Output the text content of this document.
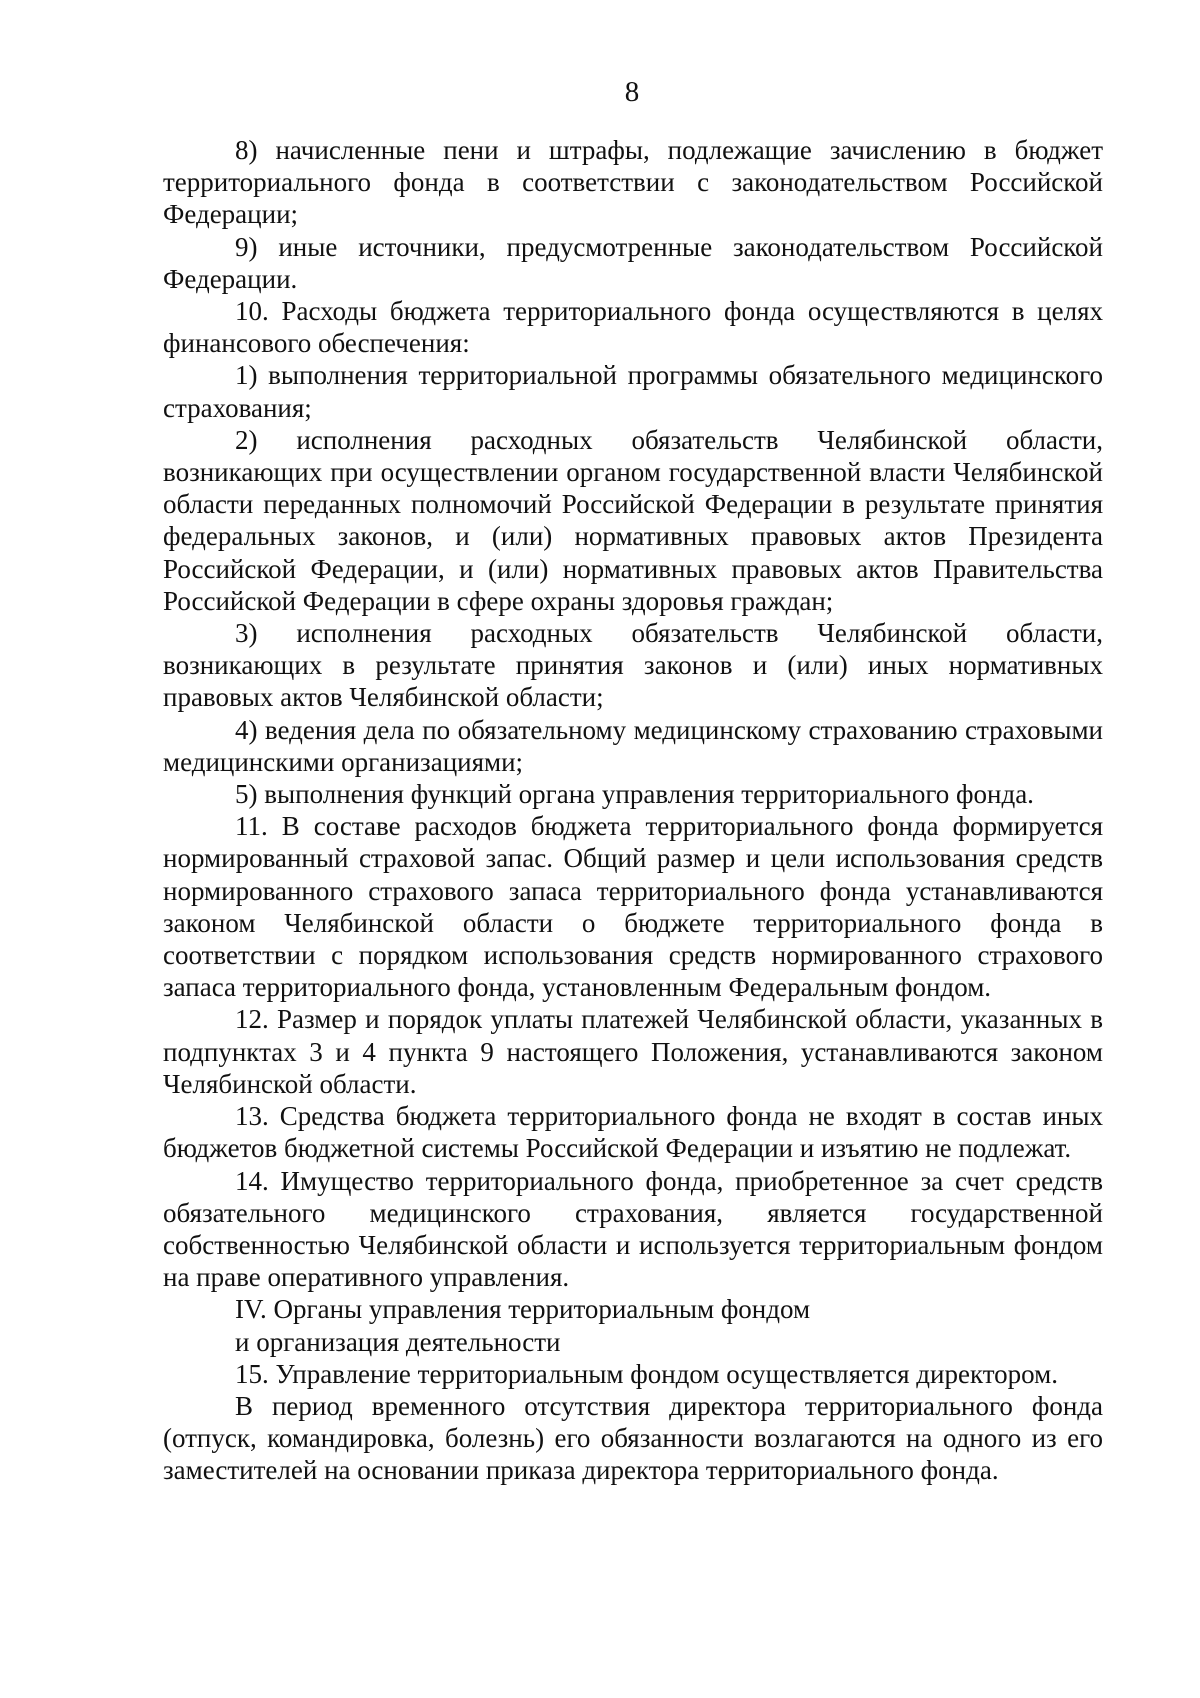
8

8) начисленные пени и штрафы, подлежащие зачислению в бюджет территориального фонда в соответствии с законодательством Российской Федерации;

9) иные источники, предусмотренные законодательством Российской Федерации.

10. Расходы бюджета территориального фонда осуществляются в целях финансового обеспечения:

1) выполнения территориальной программы обязательного медицинского страхования;

2) исполнения расходных обязательств Челябинской области, возникающих при осуществлении органом государственной власти Челябинской области переданных полномочий Российской Федерации в результате принятия федеральных законов, и (или) нормативных правовых актов Президента Российской Федерации, и (или) нормативных правовых актов Правительства Российской Федерации в сфере охраны здоровья граждан;

3) исполнения расходных обязательств Челябинской области, возникающих в результате принятия законов и (или) иных нормативных правовых актов Челябинской области;

4) ведения дела по обязательному медицинскому страхованию страховыми медицинскими организациями;

5) выполнения функций органа управления территориального фонда.

11. В составе расходов бюджета территориального фонда формируется нормированный страховой запас. Общий размер и цели использования средств нормированного страхового запаса территориального фонда устанавливаются законом Челябинской области о бюджете территориального фонда в соответствии с порядком использования средств нормированного страхового запаса территориального фонда, установленным Федеральным фондом.

12. Размер и порядок уплаты платежей Челябинской области, указанных в подпунктах 3 и 4 пункта 9 настоящего Положения, устанавливаются законом Челябинской области.

13. Средства бюджета территориального фонда не входят в состав иных бюджетов бюджетной системы Российской Федерации и изъятию не подлежат.

14. Имущество территориального фонда, приобретенное за счет средств обязательного медицинского страхования, является государственной собственностью Челябинской области и используется территориальным фондом на праве оперативного управления.

IV. Органы управления территориальным фондом
и организация деятельности

15. Управление территориальным фондом осуществляется директором.

В период временного отсутствия директора территориального фонда (отпуск, командировка, болезнь) его обязанности возлагаются на одного из его заместителей на основании приказа директора территориального фонда.
